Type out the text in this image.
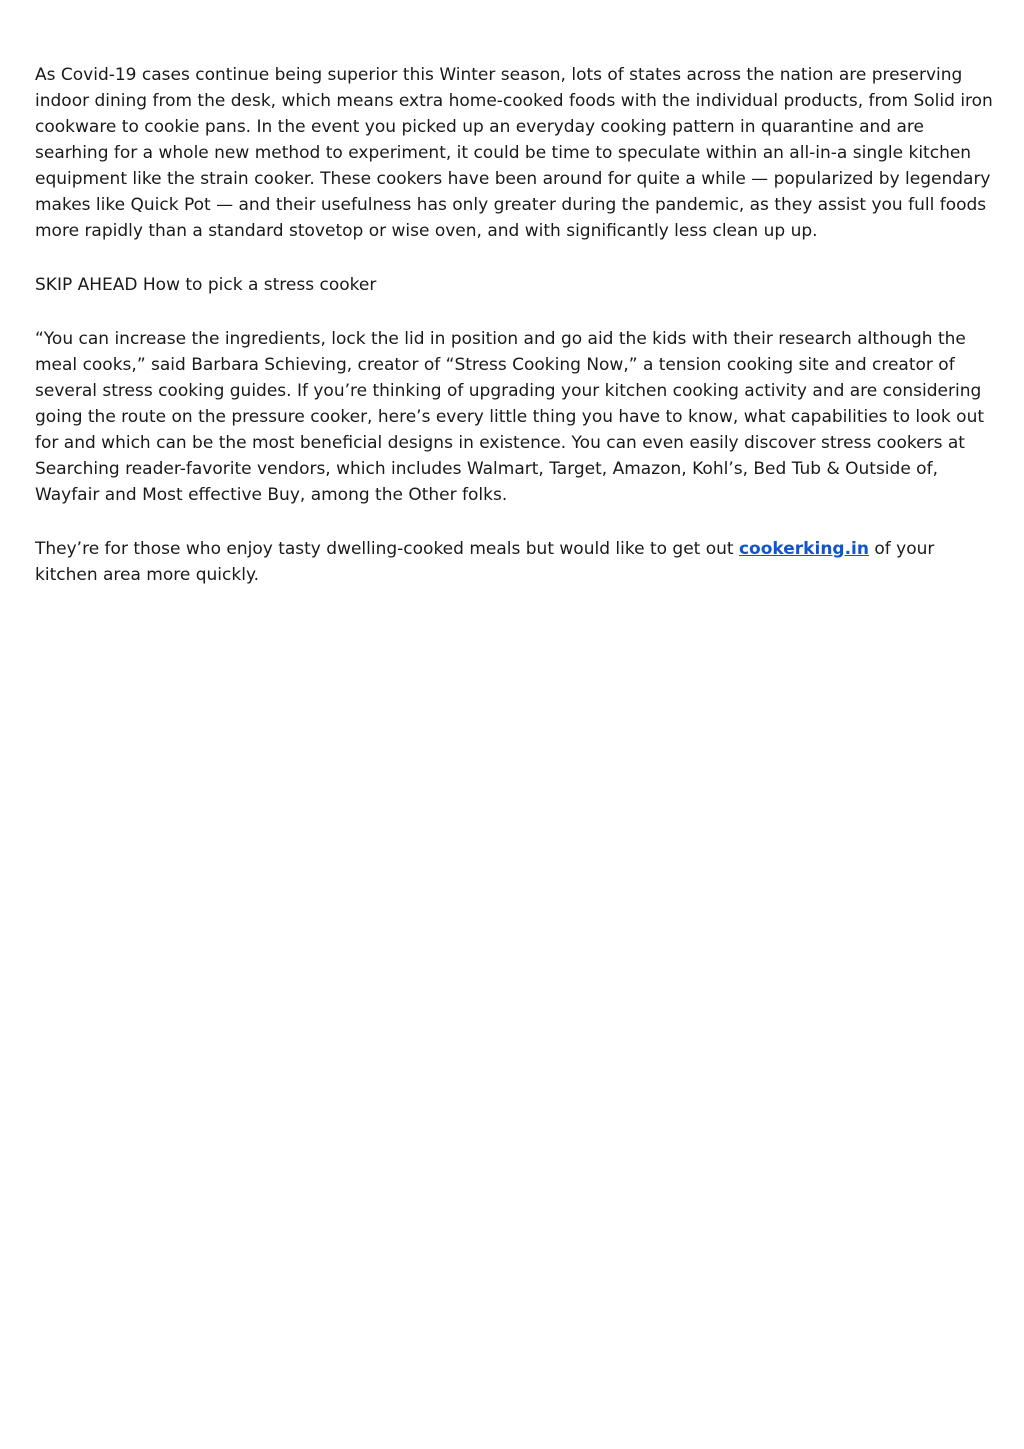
As Covid-19 cases continue being superior this Winter season, lots of states across the nation are preserving indoor dining from the desk, which means extra home-cooked foods with the individual products, from Solid iron cookware to cookie pans. In the event you picked up an everyday cooking pattern in quarantine and are searhing for a whole new method to experiment, it could be time to speculate within an all-in-a single kitchen equipment like the strain cooker. These cookers have been around for quite a while — popularized by legendary makes like Quick Pot — and their usefulness has only greater during the pandemic, as they assist you full foods more rapidly than a standard stovetop or wise oven, and with significantly less clean up up.

SKIP AHEAD How to pick a stress cooker

“You can increase the ingredients, lock the lid in position and go aid the kids with their research although the meal cooks,” said Barbara Schieving, creator of “Stress Cooking Now,” a tension cooking site and creator of several stress cooking guides. If you’re thinking of upgrading your kitchen cooking activity and are considering going the route on the pressure cooker, here’s every little thing you have to know, what capabilities to look out for and which can be the most beneficial designs in existence. You can even easily discover stress cookers at Searching reader-favorite vendors, which includes Walmart, Target, Amazon, Kohl’s, Bed Tub & Outside of, Wayfair and Most effective Buy, among the Other folks.

They’re for those who enjoy tasty dwelling-cooked meals but would like to get out cookerking.in of your kitchen area more quickly.
